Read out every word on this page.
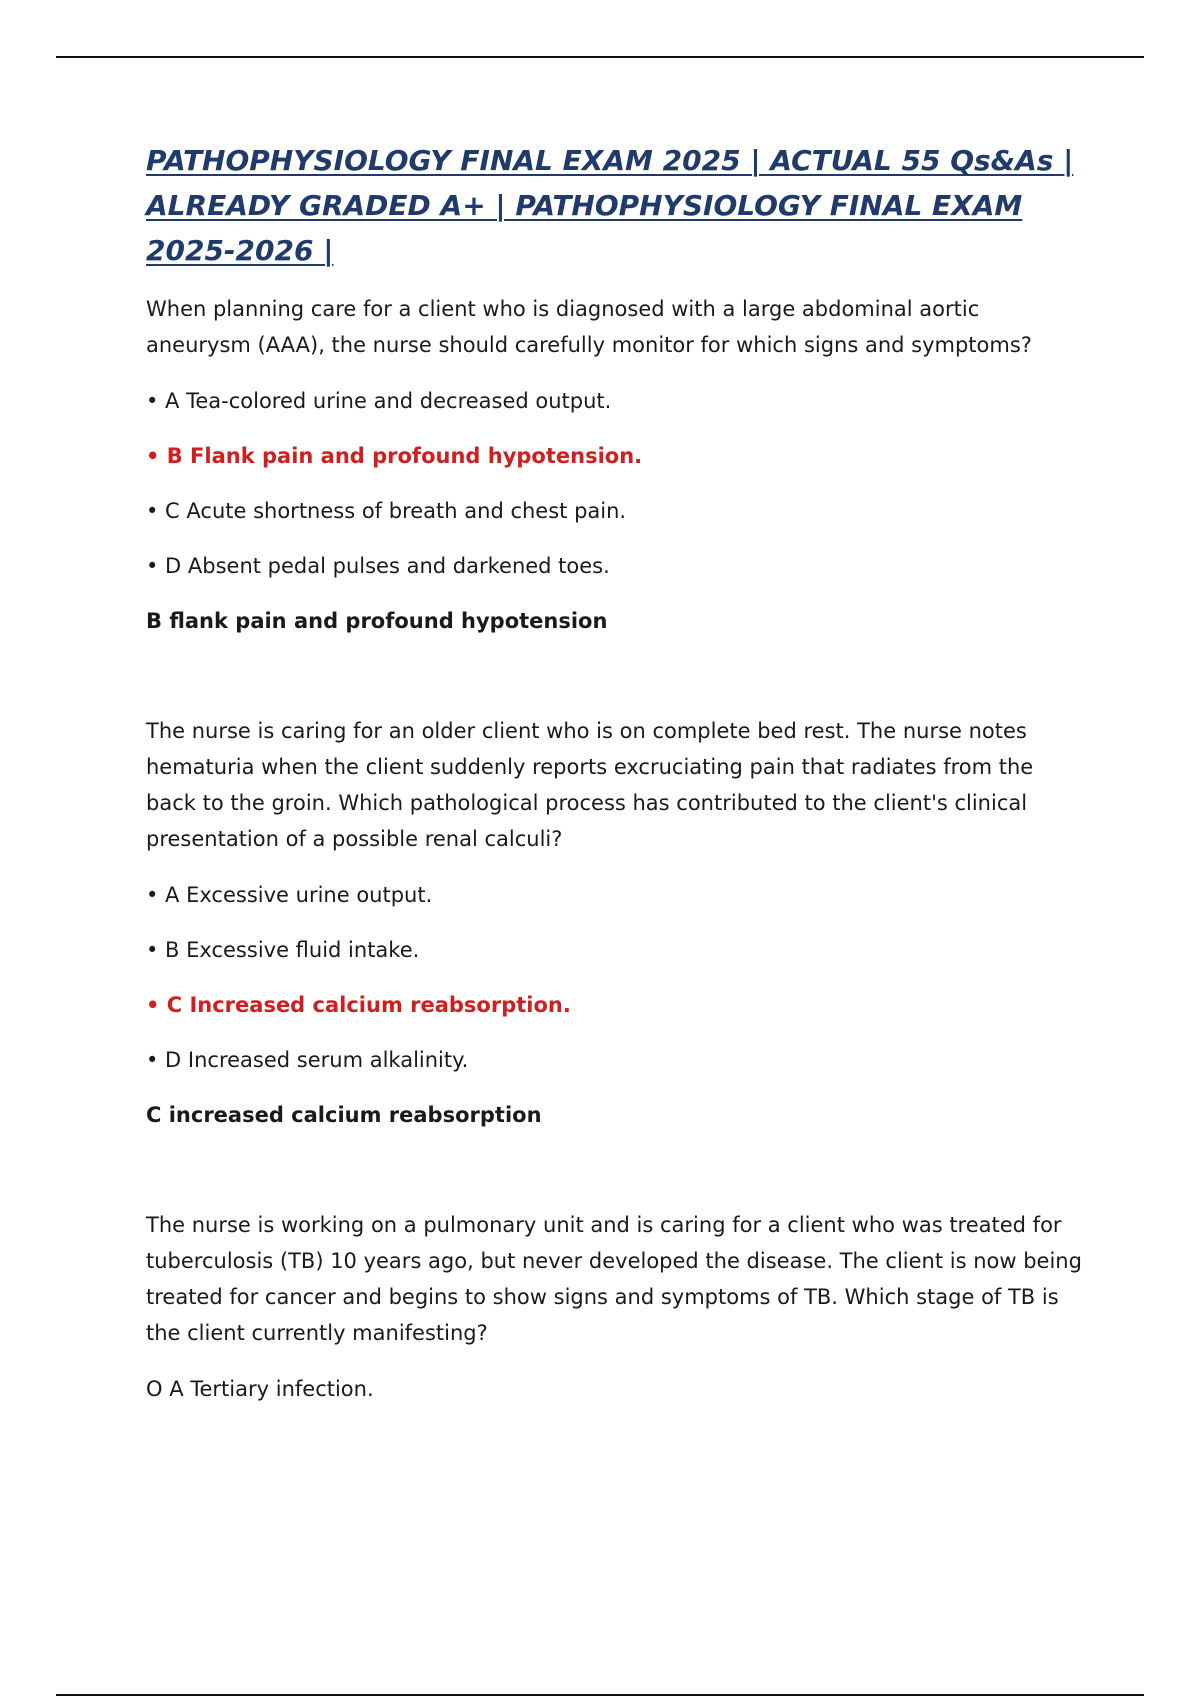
PATHOPHYSIOLOGY FINAL EXAM 2025 | ACTUAL 55 Qs&As | ALREADY GRADED A+ | PATHOPHYSIOLOGY FINAL EXAM 2025-2026 |

When planning care for a client who is diagnosed with a large abdominal aortic aneurysm (AAA), the nurse should carefully monitor for which signs and symptoms?

• A Tea-colored urine and decreased output.

• B Flank pain and profound hypotension.

• C Acute shortness of breath and chest pain.

• D Absent pedal pulses and darkened toes.

B flank pain and profound hypotension

The nurse is caring for an older client who is on complete bed rest. The nurse notes hematuria when the client suddenly reports excruciating pain that radiates from the back to the groin. Which pathological process has contributed to the client's clinical presentation of a possible renal calculi?

• A Excessive urine output.

• B Excessive fluid intake.

• C Increased calcium reabsorption.

• D Increased serum alkalinity.

C increased calcium reabsorption

The nurse is working on a pulmonary unit and is caring for a client who was treated for tuberculosis (TB) 10 years ago, but never developed the disease. The client is now being treated for cancer and begins to show signs and symptoms of TB. Which stage of TB is the client currently manifesting?

O A Tertiary infection.
